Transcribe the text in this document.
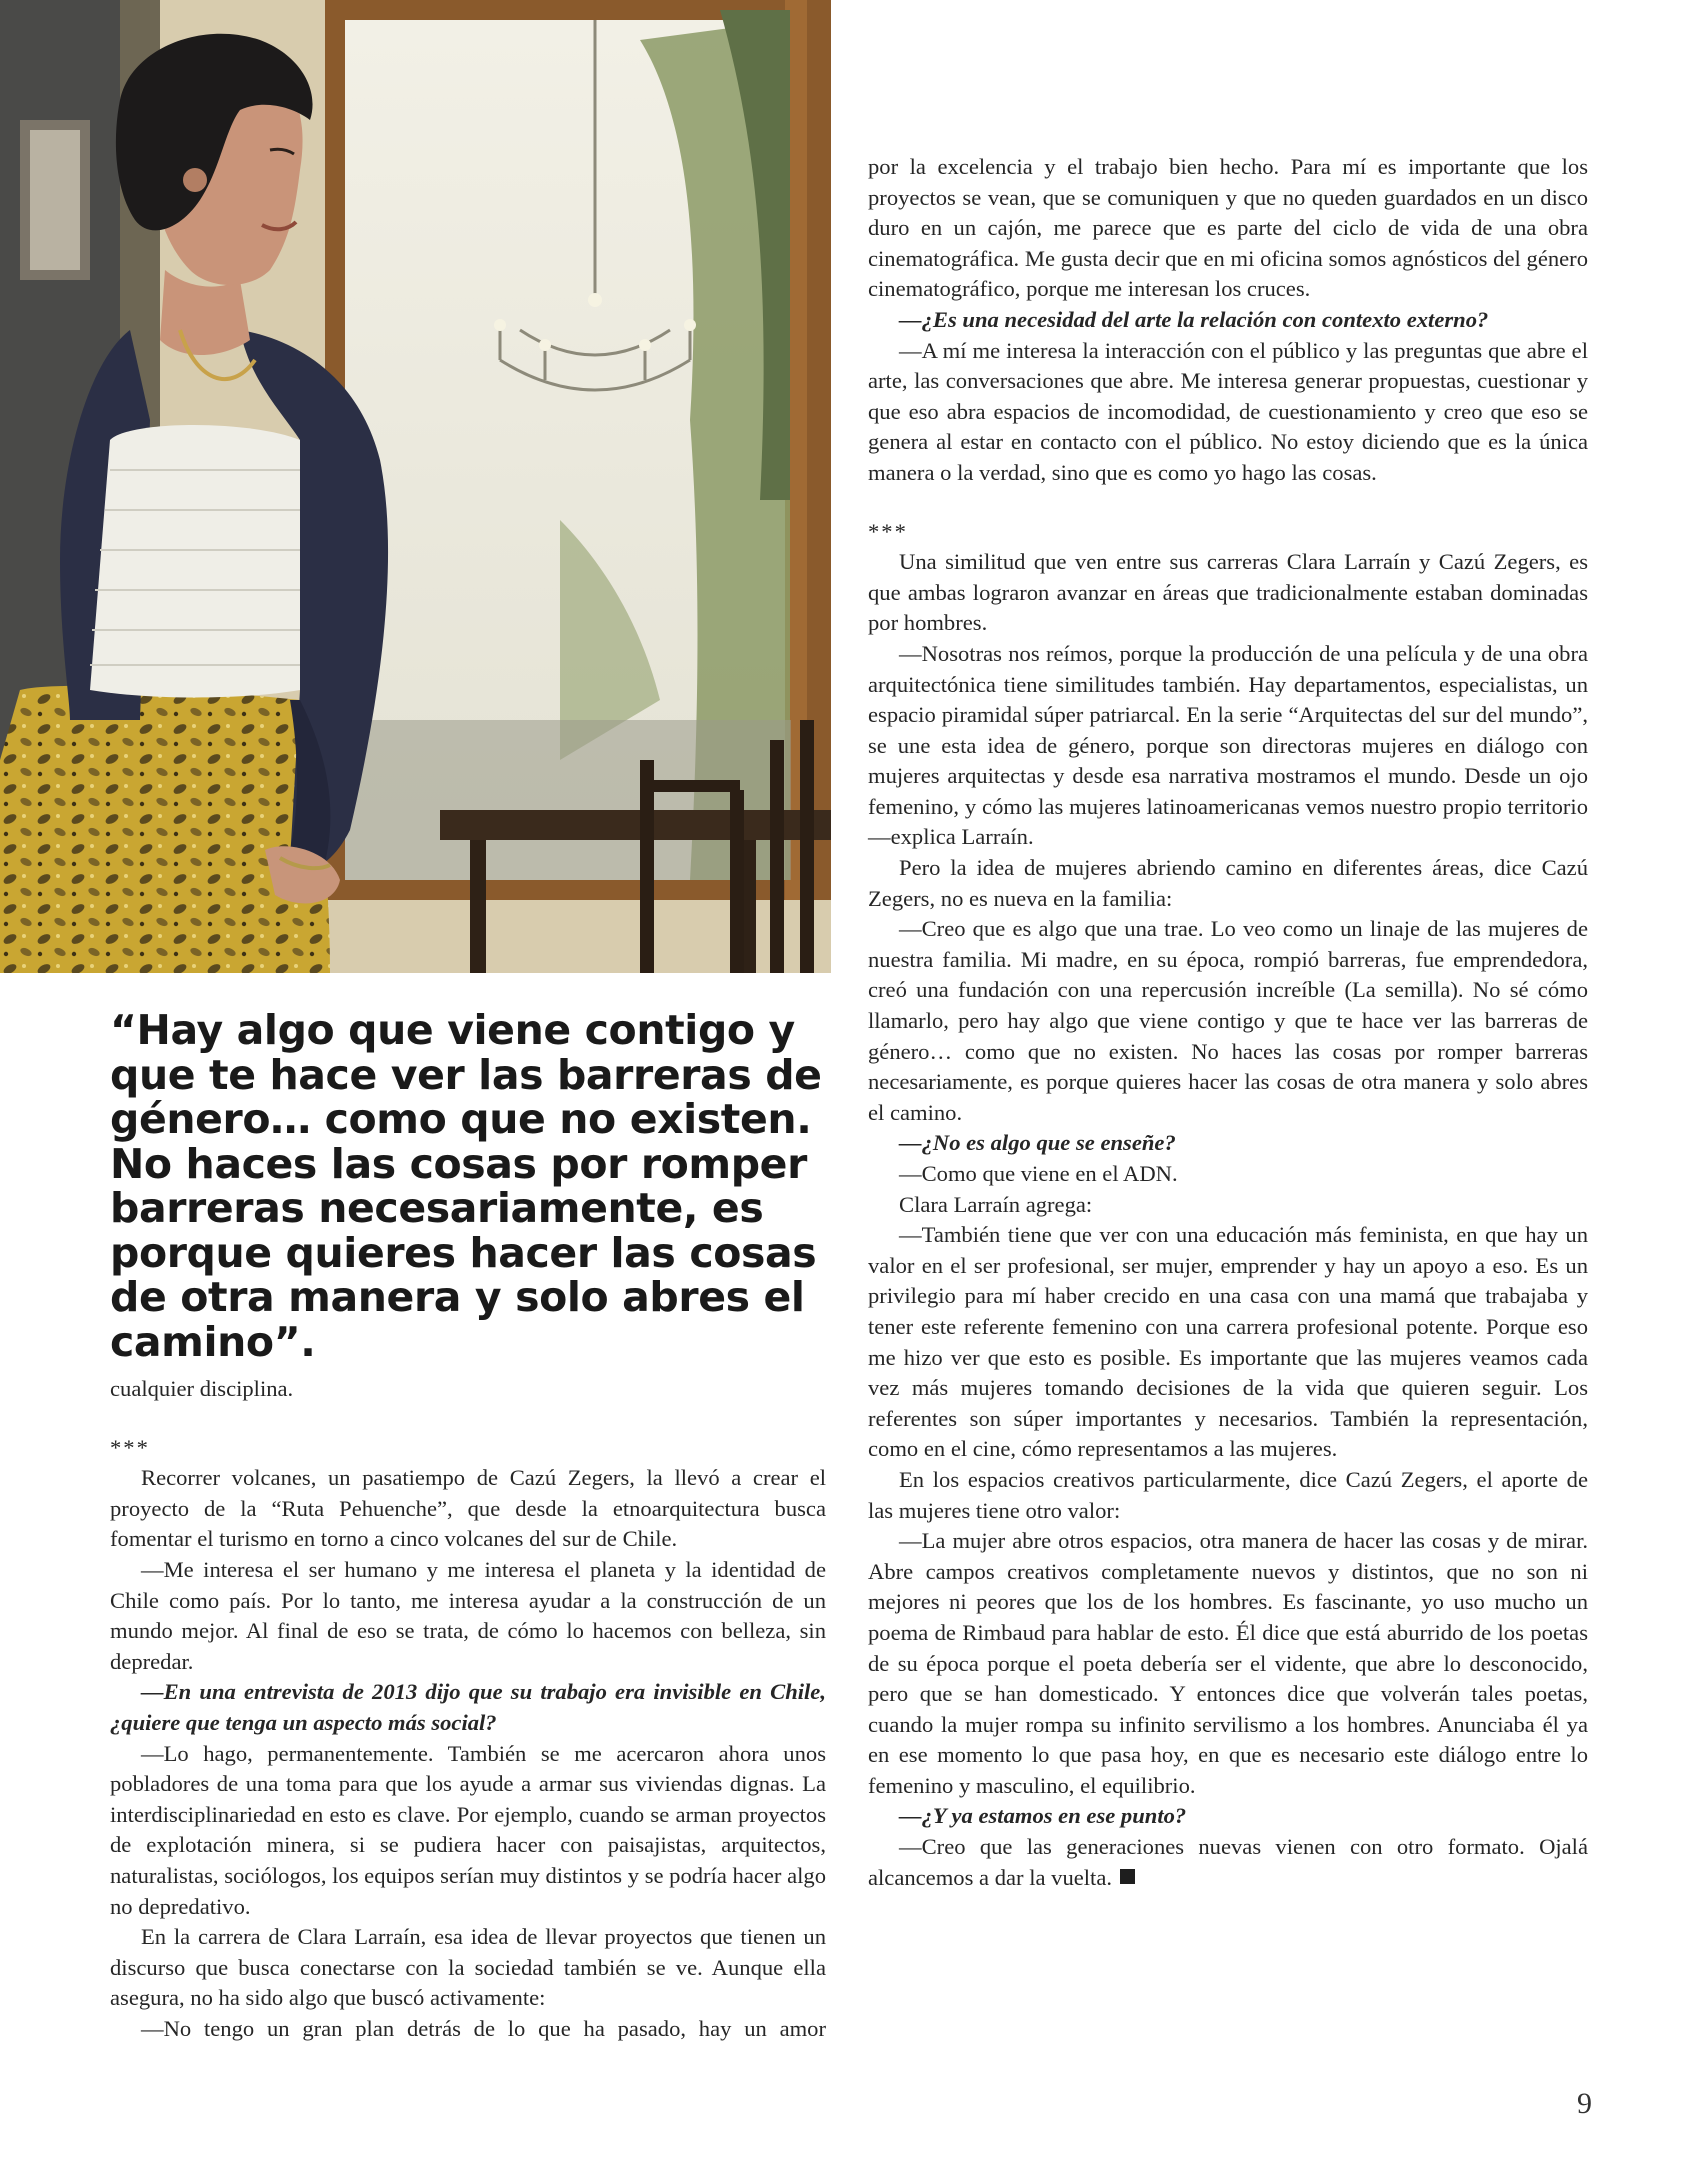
“Hay algo que viene contigo y que te hace ver las barreras de género… como que no existen. No haces las cosas por romper barreras necesariamente, es porque quieres hacer las cosas de otra manera y solo abres el camino”.

cualquier disciplina.

***

Recorrer volcanes, un pasatiempo de Cazú Zegers, la llevó a crear el proyecto de la “Ruta Pehuenche”, que desde la etnoarquitectura busca fomentar el turismo en torno a cinco volcanes del sur de Chile.

—Me interesa el ser humano y me interesa el planeta y la identidad de Chile como país. Por lo tanto, me interesa ayudar a la construcción de un mundo mejor. Al final de eso se trata, de cómo lo hacemos con belleza, sin depredar.

—En una entrevista de 2013 dijo que su trabajo era invisible en Chile, ¿quiere que tenga un aspecto más social?

—Lo hago, permanentemente. También se me acercaron ahora unos pobladores de una toma para que los ayude a armar sus viviendas dignas. La interdisciplinariedad en esto es clave. Por ejemplo, cuando se arman proyectos de explotación minera, si se pudiera hacer con paisajistas, arquitectos, naturalistas, sociólogos, los equipos serían muy distintos y se podría hacer algo no depredativo.

En la carrera de Clara Larraín, esa idea de llevar proyectos que tienen un discurso que busca conectarse con la sociedad también se ve. Aunque ella asegura, no ha sido algo que buscó activamente:

—No tengo un gran plan detrás de lo que ha pasado, hay un amor

por la excelencia y el trabajo bien hecho. Para mí es importante que los proyectos se vean, que se comuniquen y que no queden guardados en un disco duro en un cajón, me parece que es parte del ciclo de vida de una obra cinematográfica. Me gusta decir que en mi oficina somos agnósticos del género cinematográfico, porque me interesan los cruces.

—¿Es una necesidad del arte la relación con contexto externo?

—A mí me interesa la interacción con el público y las preguntas que abre el arte, las conversaciones que abre. Me interesa generar propuestas, cuestionar y que eso abra espacios de incomodidad, de cuestionamiento y creo que eso se genera al estar en contacto con el público. No estoy diciendo que es la única manera o la verdad, sino que es como yo hago las cosas.

***

Una similitud que ven entre sus carreras Clara Larraín y Cazú Zegers, es que ambas lograron avanzar en áreas que tradicionalmente estaban dominadas por hombres.

—Nosotras nos reímos, porque la producción de una película y de una obra arquitectónica tiene similitudes también. Hay departamentos, especialistas, un espacio piramidal súper patriarcal. En la serie “Arquitectas del sur del mundo”, se une esta idea de género, porque son directoras mujeres en diálogo con mujeres arquitectas y desde esa narrativa mostramos el mundo. Desde un ojo femenino, y cómo las mujeres latinoamericanas vemos nuestro propio territorio —explica Larraín.

Pero la idea de mujeres abriendo camino en diferentes áreas, dice Cazú Zegers, no es nueva en la familia:

—Creo que es algo que una trae. Lo veo como un linaje de las mujeres de nuestra familia. Mi madre, en su época, rompió barreras, fue emprendedora, creó una fundación con una repercusión increíble (La semilla). No sé cómo llamarlo, pero hay algo que viene contigo y que te hace ver las barreras de género… como que no existen. No haces las cosas por romper barreras necesariamente, es porque quieres hacer las cosas de otra manera y solo abres el camino.

—¿No es algo que se enseñe?

—Como que viene en el ADN.

Clara Larraín agrega:

—También tiene que ver con una educación más feminista, en que hay un valor en el ser profesional, ser mujer, emprender y hay un apoyo a eso. Es un privilegio para mí haber crecido en una casa con una mamá que trabajaba y tener este referente femenino con una carrera profesional potente. Porque eso me hizo ver que esto es posible. Es importante que las mujeres veamos cada vez más mujeres tomando decisiones de la vida que quieren seguir. Los referentes son súper importantes y necesarios. También la representación, como en el cine, cómo representamos a las mujeres.

En los espacios creativos particularmente, dice Cazú Zegers, el aporte de las mujeres tiene otro valor:

—La mujer abre otros espacios, otra manera de hacer las cosas y de mirar. Abre campos creativos completamente nuevos y distintos, que no son ni mejores ni peores que los de los hombres. Es fascinante, yo uso mucho un poema de Rimbaud para hablar de esto. Él dice que está aburrido de los poetas de su época porque el poeta debería ser el vidente, que abre lo desconocido, pero que se han domesticado. Y entonces dice que volverán tales poetas, cuando la mujer rompa su infinito servilismo a los hombres. Anunciaba él ya en ese momento lo que pasa hoy, en que es necesario este diálogo entre lo femenino y masculino, el equilibrio.

—¿Y ya estamos en ese punto?

—Creo que las generaciones nuevas vienen con otro formato. Ojalá alcancemos a dar la vuelta.

9
